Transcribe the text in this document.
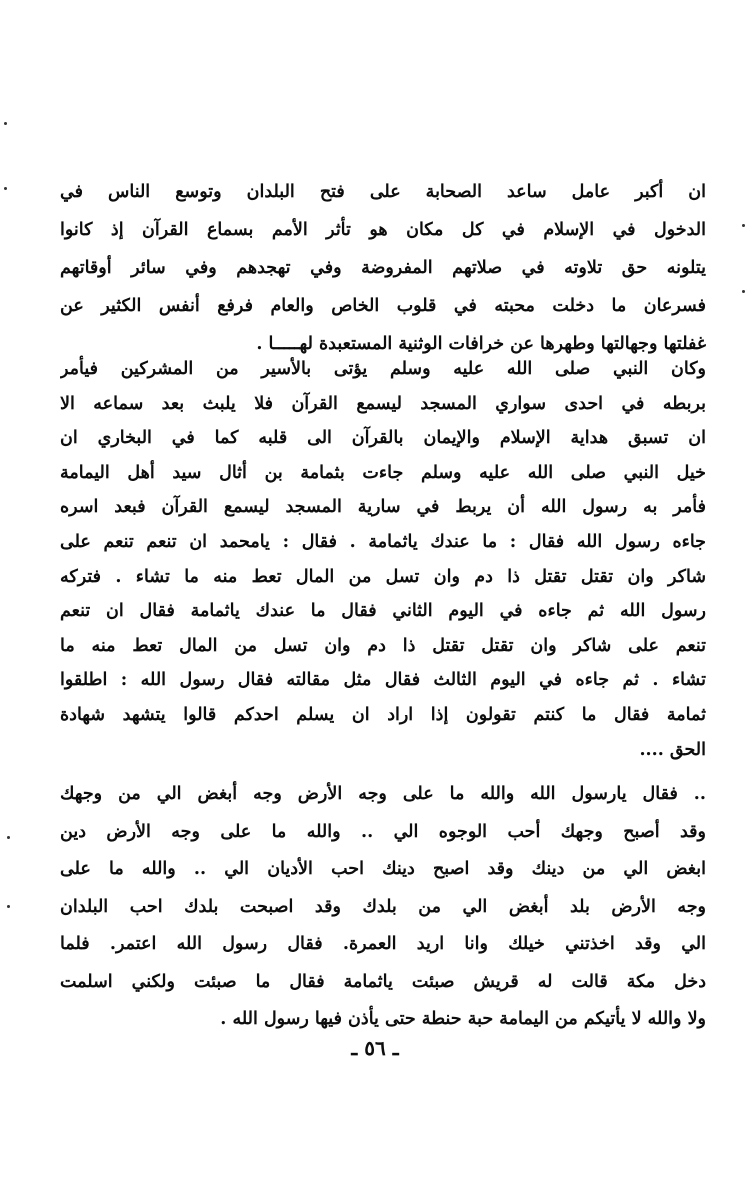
ان أكبر عامل ساعد الصحابة على فتح البلدان وتوسع الناس في
الدخول في الإسلام في كل مكان هو تأثر الأمم بسماع القرآن إذ كانوا
يتلونه حق تلاوته في صلاتهم المفروضة وفي تهجدهم وفي سائر أوقاتهم
فسرعان ما دخلت محبته في قلوب الخاص والعام فرفع أنفس الكثير عن
غفلتها وجهالتها وطهرها عن خرافات الوثنية المستعبدة لهـــــا .
وكان النبي صلى الله عليه وسلم يؤتى بالأسير من المشركين فيأمر
بربطه في احدى سواري المسجد ليسمع القرآن فلا يلبث بعد سماعه الا
ان تسبق هداية الإسلام والإيمان بالقرآن الى قلبه كما في البخاري ان
خيل النبي صلى الله عليه وسلم جاءت بثمامة بن أثال سيد أهل اليمامة
فأمر به رسول الله أن يربط في سارية المسجد ليسمع القرآن فبعد اسره
جاءه رسول الله فقال : ما عندك ياثمامة . فقال : يامحمد ان تنعم تنعم على
شاكر وان تقتل تقتل ذا دم وان تسل من المال تعط منه ما تشاء . فتركه
رسول الله ثم جاءه في اليوم الثاني فقال ما عندك ياثمامة فقال ان تنعم
تنعم على شاكر وان تقتل تقتل ذا دم وان تسل من المال تعط منه ما
تشاء . ثم جاءه في اليوم الثالث فقال مثل مقالته فقال رسول الله : اطلقوا
ثمامة فقال ما كنتم تقولون إذا اراد ان يسلم احدكم قالوا يتشهد شهادة
الحق ....
.. فقال يارسول الله والله ما على وجه الأرض وجه أبغض الي من وجهك
وقد أصبح وجهك أحب الوجوه الي .. والله ما على وجه الأرض دين
ابغض الي من دينك وقد اصبح دينك احب الأديان الي .. والله ما على
وجه الأرض بلد أبغض الي من بلدك وقد اصبحت بلدك احب البلدان
الي وقد اخذتني خيلك وانا اريد العمرة. فقال رسول الله اعتمر. فلما
دخل مكة قالت له قريش صبئت ياثمامة فقال ما صبئت ولكني اسلمت
ولا والله لا يأتيكم من اليمامة حبة حنطة حتى يأذن فيها رسول الله .
ـ ٥٦ ـ
